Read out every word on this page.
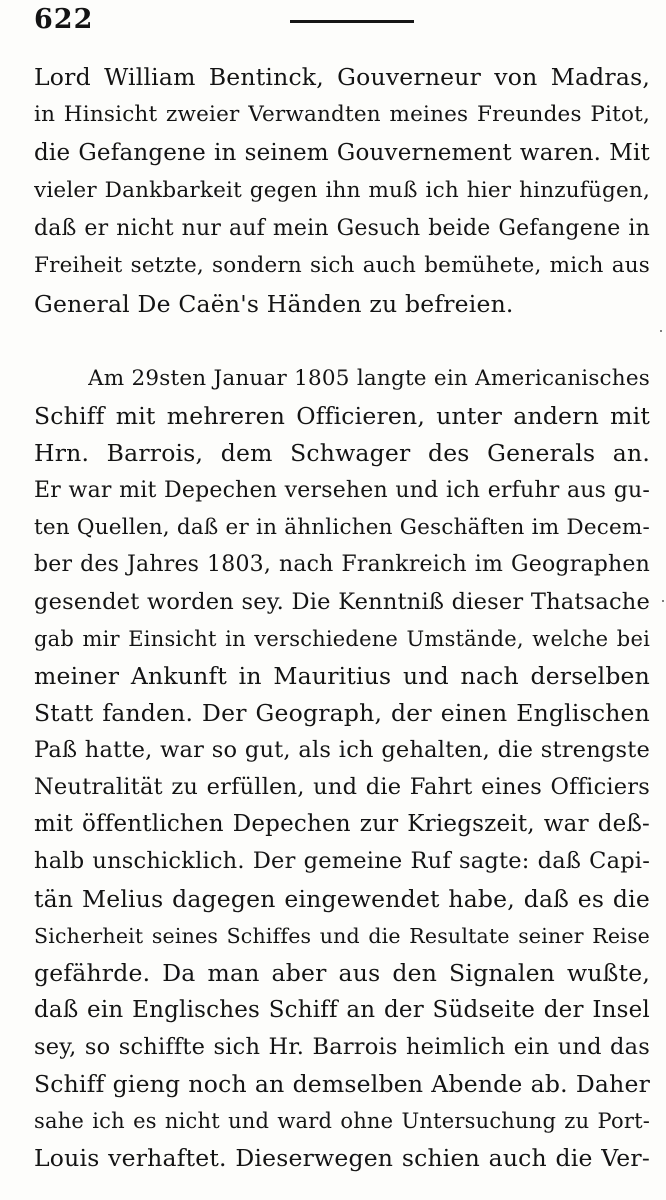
622
Lord William Bentinck, Gouverneur von Madras,
in Hinsicht zweier Verwandten meines Freundes Pitot,
die Gefangene in seinem Gouvernement waren. Mit
vieler Dankbarkeit gegen ihn muß ich hier hinzufügen,
daß er nicht nur auf mein Gesuch beide Gefangene in
Freiheit setzte, sondern sich auch bemühete, mich aus
General De Caën's Händen zu befreien.
Am 29sten Januar 1805 langte ein Americanisches
Schiff mit mehreren Officieren, unter andern mit
Hrn. Barrois, dem Schwager des Generals an.
Er war mit Depechen versehen und ich erfuhr aus gu-
ten Quellen, daß er in ähnlichen Geschäften im Decem-
ber des Jahres 1803, nach Frankreich im Geographen
gesendet worden sey. Die Kenntniß dieser Thatsache
gab mir Einsicht in verschiedene Umstände, welche bei
meiner Ankunft in Mauritius und nach derselben
Statt fanden. Der Geograph, der einen Englischen
Paß hatte, war so gut, als ich gehalten, die strengste
Neutralität zu erfüllen, und die Fahrt eines Officiers
mit öffentlichen Depechen zur Kriegszeit, war deß-
halb unschicklich. Der gemeine Ruf sagte: daß Capi-
tän Melius dagegen eingewendet habe, daß es die
Sicherheit seines Schiffes und die Resultate seiner Reise
gefährde. Da man aber aus den Signalen wußte,
daß ein Englisches Schiff an der Südseite der Insel
sey, so schiffte sich Hr. Barrois heimlich ein und das
Schiff gieng noch an demselben Abende ab. Daher
sahe ich es nicht und ward ohne Untersuchung zu Port-
Louis verhaftet. Dieserwegen schien auch die Ver-
